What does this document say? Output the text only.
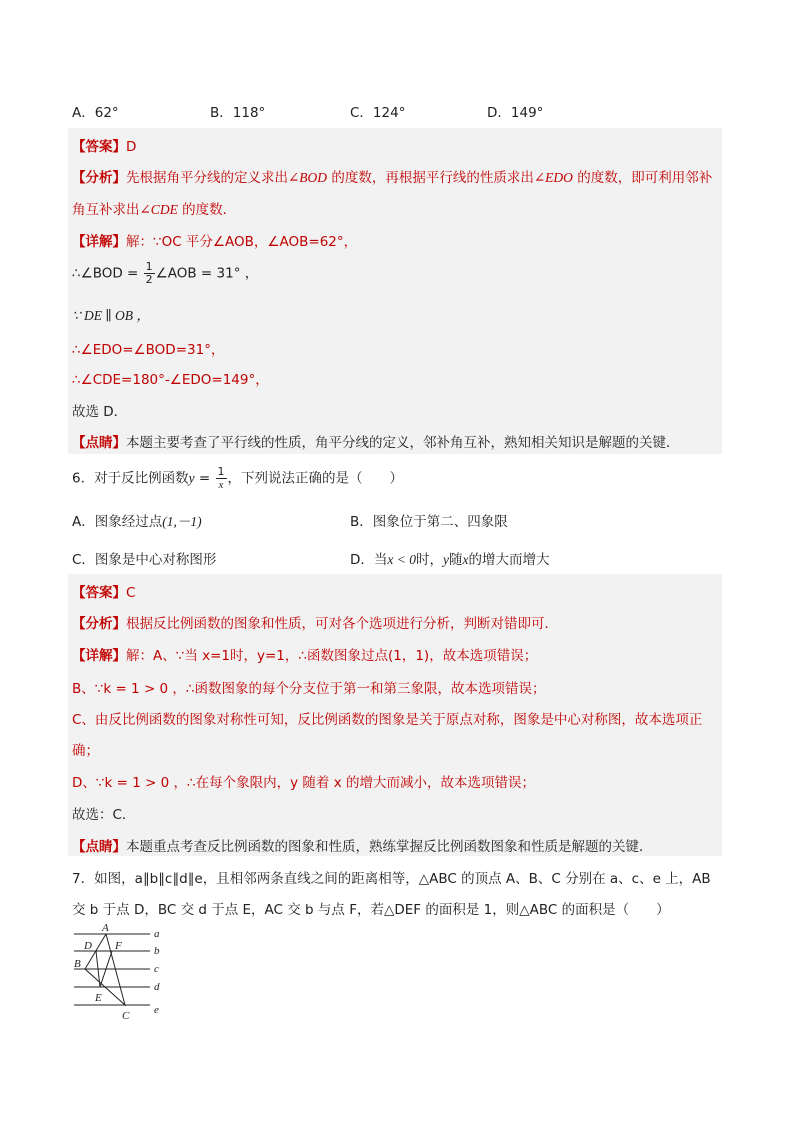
A．62°	B．118°	C．124°	D．149°
【答案】D
【分析】先根据角平分线的定义求出∠BOD 的度数，再根据平行线的性质求出∠EDO 的度数，即可利用邻补
角互补求出∠CDE 的度数．
【详解】解：∵OC 平分∠AOB，∠AOB=62°，
∴∠BOD = $\frac{1}{2}$ ∠AOB = 31° ，
∵ DE ∥ OB ，
∴∠EDO=∠BOD=31°，
∴∠CDE=180°-∠EDO=149°，
故选 D．
【点睛】本题主要考查了平行线的性质，角平分线的定义，邻补角互补，熟知相关知识是解题的关键．
6．对于反比例函数$y = \frac{1}{x}$ ，下列说法正确的是（　　）
A．图象经过点(1,－1)	B．图象位于第二、四象限
C．图象是中心对称图形	D．当x < 0时，y随x的增大而增大
【答案】C
【分析】根据反比例函数的图象和性质，可对各个选项进行分析，判断对错即可．
【详解】解：A、∵当 x=1时，y=1，∴函数图象过点(1，1)，故本选项错误；
B、∵k = 1 > 0 ，∴函数图象的每个分支位于第一和第三象限，故本选项错误；
C、由反比例函数的图象对称性可知，反比例函数的图象是关于原点对称，图象是中心对称图，故本选项正
确；
D、∵k = 1 > 0 ，∴在每个象限内，y 随着 x 的增大而减小，故本选项错误；
故选：C．
【点睛】本题重点考查反比例函数的图象和性质，熟练掌握反比例函数图象和性质是解题的关键．
7．如图，a∥b∥c∥d∥e，且相邻两条直线之间的距离相等，△ABC 的顶点 A、B、C 分别在 a、c、e 上，AB
交 b 于点 D，BC 交 d 于点 E，AC 交 b 与点 F，若△DEF 的面积是 1，则△ABC 的面积是（　　）
A
D F
B
E
C
a
b
c
d
e
